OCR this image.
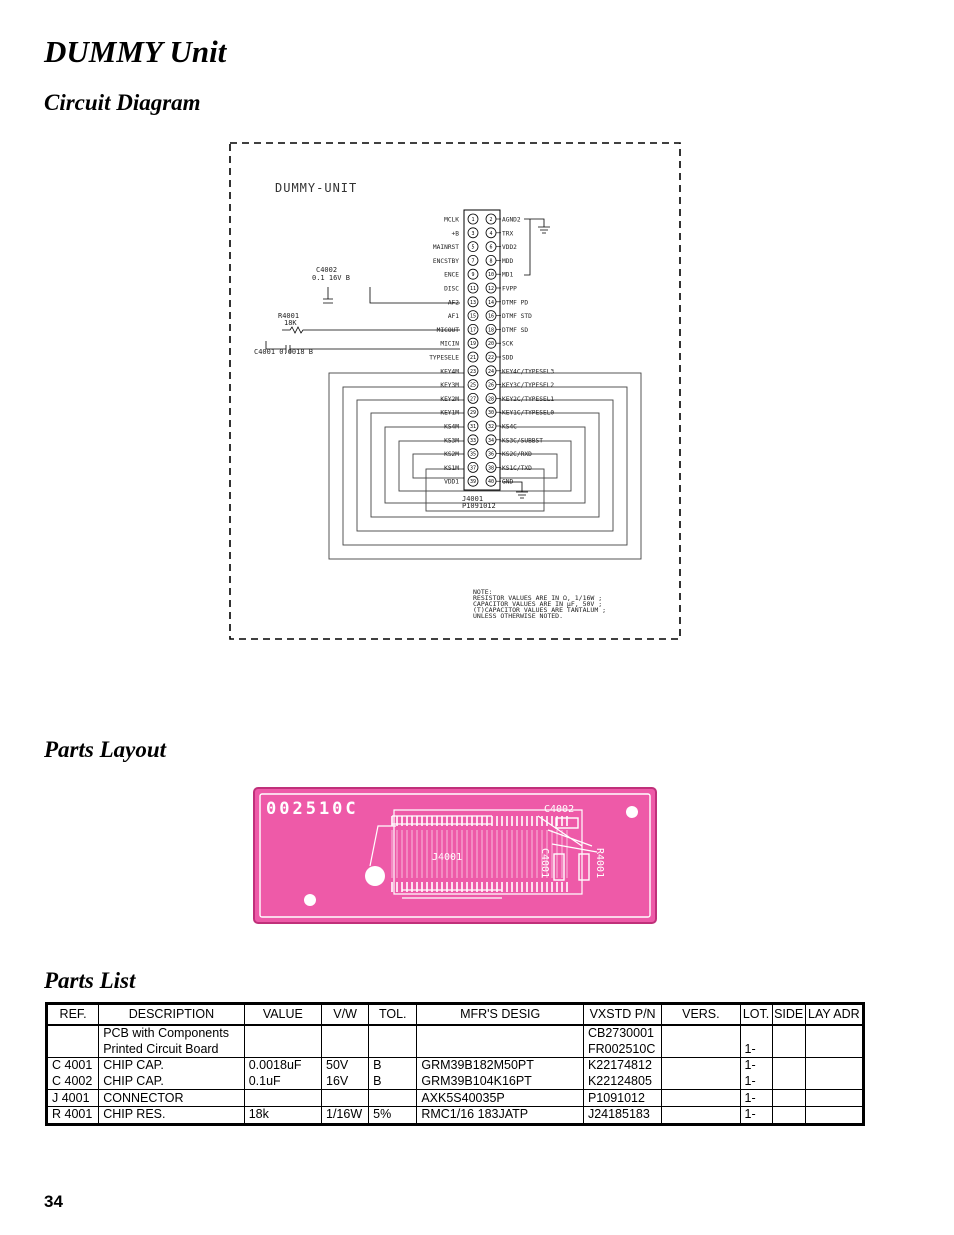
DUMMY Unit
Circuit Diagram
DUMMY-UNIT
1	2
3	4
5	6
7	8
9	10
11 12
13 14
15 16
17 18
19 20
21 22
23 24
25 26
27 28
29 30
31 32
33 34
35 36
37 38
39 40
MCLK	AGND2
+B	TRX
MAINRST	VDD2
ENCSTBY	MDD
ENCE	MD1
DISC	FVPP
AF2	DTMF PD
AF1	DTMF STD
MICOUT	DTMF SD
MICIN	SCK
TYPESELE	SDD
KEY4M	KEY4C/TYPESEL3
KEY3M	KEY3C/TYPESEL2
KEY2M	KEY2C/TYPESEL1
KEY1M	KEY1C/TYPESEL0
KS4M	KS4C
KS3M	KS3C/SUBBST
KS2M	KS2C/RXD
KS1M	KS1C/TXD
VDD1	GND
C4002
0.1 16V B
R4001
18K
C4001 0.0018 B
J4001
P1091012
NOTE:
RESISTOR VALUES ARE IN Ω, 1/16W ;
CAPACITOR VALUES ARE IN μF, 50V ;
(T)CAPACITOR VALUES ARE TANTALUM ;
UNLESS OTHERWISE NOTED.
Parts Layout
002510C	C4002
J4001	R4001
C4001
Parts List
REF.	DESCRIPTION	VALUE	V/W	TOL.	MFR'S DESIG	VXSTD P/N	VERS.	LOT.	SIDE	LAY ADR
	PCB with Components					CB2730001				
	Printed Circuit Board					FR002510C		1-		
C 4001	CHIP CAP.	0.0018uF	50V	B	GRM39B182M50PT	K22174812		1-		
C 4002	CHIP CAP.	0.1uF	16V	B	GRM39B104K16PT	K22124805		1-		
J 4001	CONNECTOR				AXK5S40035P	P1091012		1-		
R 4001	CHIP RES.	18k	1/16W	5%	RMC1/16 183JATP	J24185183		1-		
34
